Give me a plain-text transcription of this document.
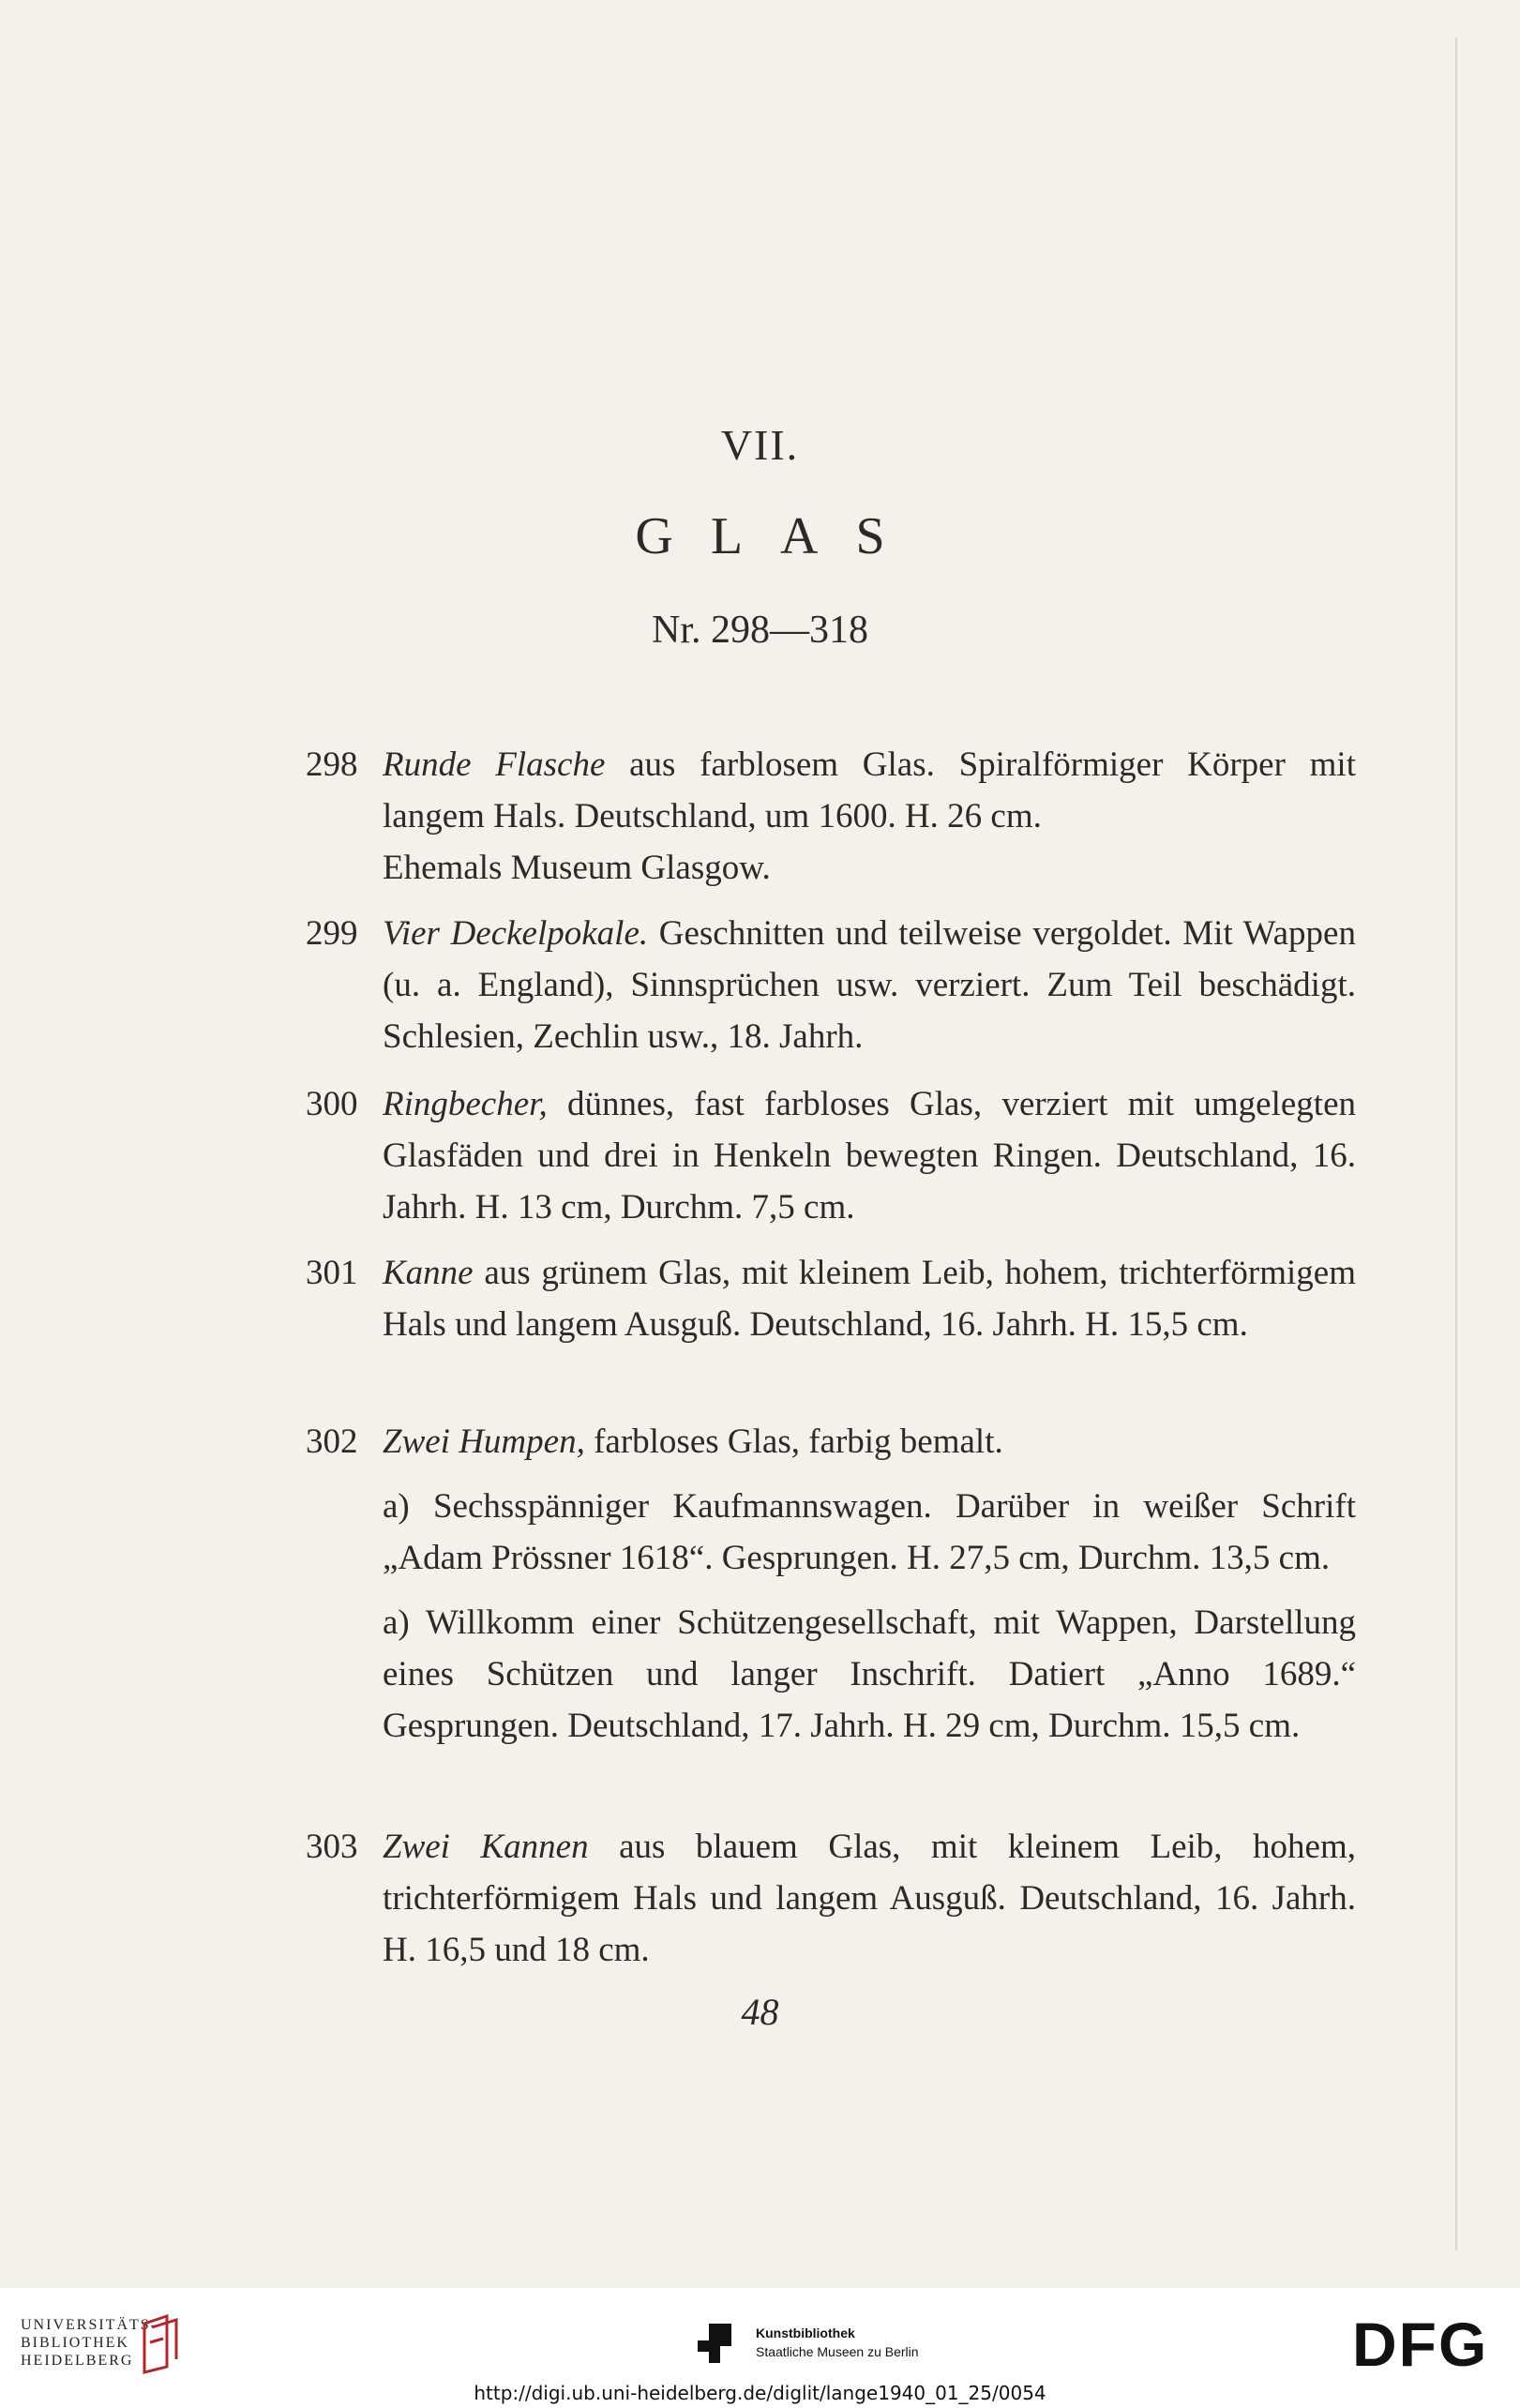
VII.
GLAS
Nr. 298—318
298 Runde Flasche aus farblosem Glas. Spiralförmiger Körper mit langem Hals. Deutschland, um 1600. H. 26 cm.
Ehemals Museum Glasgow.
299 Vier Deckelpokale. Geschnitten und teilweise vergoldet. Mit Wappen (u. a. England), Sinnsprüchen usw. verziert. Zum Teil beschädigt. Schlesien, Zechlin usw., 18. Jahrh.
300 Ringbecher, dünnes, fast farbloses Glas, verziert mit umgelegten Glasfäden und drei in Henkeln bewegten Ringen. Deutschland, 16. Jahrh. H. 13 cm, Durchm. 7,5 cm.
301 Kanne aus grünem Glas, mit kleinem Leib, hohem, trichterförmigem Hals und langem Ausguß. Deutschland, 16. Jahrh. H. 15,5 cm.
302 Zwei Humpen, farbloses Glas, farbig bemalt.
a) Sechsspänniger Kaufmannswagen. Darüber in weißer Schrift „Adam Prössner 1618“. Gesprungen. H. 27,5 cm, Durchm. 13,5 cm.
a) Willkomm einer Schützengesellschaft, mit Wappen, Darstellung eines Schützen und langer Inschrift. Datiert „Anno 1689.“ Gesprungen. Deutschland, 17. Jahrh. H. 29 cm, Durchm. 15,5 cm.
303 Zwei Kannen aus blauem Glas, mit kleinem Leib, hohem, trichterförmigem Hals und langem Ausguß. Deutschland, 16. Jahrh. H. 16,5 und 18 cm.
48
UNIVERSITÄTS-
BIBLIOTHEK
HEIDELBERG
Kunstbibliothek
Staatliche Museen zu Berlin	DFG
http://digi.ub.uni-heidelberg.de/diglit/lange1940_01_25/0054
